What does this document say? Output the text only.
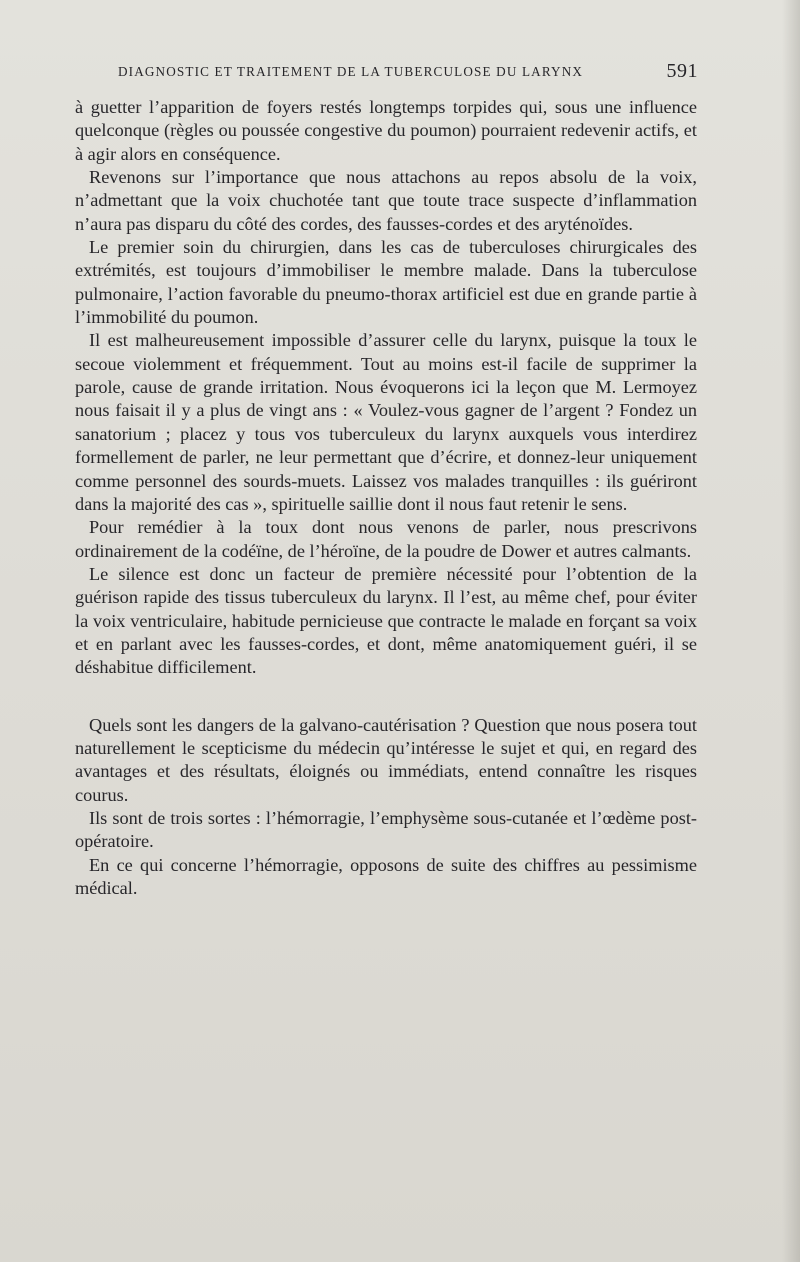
DIAGNOSTIC ET TRAITEMENT DE LA TUBERCULOSE DU LARYNX	591

à guetter l’apparition de foyers restés longtemps torpides qui, sous une influence quelconque (règles ou poussée congestive du poumon) pourraient redevenir actifs, et à agir alors en conséquence.

Revenons sur l’importance que nous attachons au repos absolu de la voix, n’admettant que la voix chuchotée tant que toute trace suspecte d’inflammation n’aura pas disparu du côté des cordes, des fausses-cordes et des aryténoïdes.

Le premier soin du chirurgien, dans les cas de tuberculoses chirurgicales des extrémités, est toujours d’immobiliser le membre malade. Dans la tuberculose pulmonaire, l’action favorable du pneumo-thorax artificiel est due en grande partie à l’immobilité du poumon.

Il est malheureusement impossible d’assurer celle du larynx, puisque la toux le secoue violemment et fréquemment. Tout au moins est-il facile de supprimer la parole, cause de grande irritation. Nous évoquerons ici la leçon que M. Lermoyez nous faisait il y a plus de vingt ans : « Voulez-vous gagner de l’argent ? Fondez un sanatorium ; placez y tous vos tuberculeux du larynx auxquels vous interdirez formellement de parler, ne leur permettant que d’écrire, et donnez-leur uniquement comme personnel des sourds-muets. Laissez vos malades tranquilles : ils guériront dans la majorité des cas », spirituelle saillie dont il nous faut retenir le sens.

Pour remédier à la toux dont nous venons de parler, nous prescrivons ordinairement de la codéïne, de l’héroïne, de la poudre de Dower et autres calmants.

Le silence est donc un facteur de première nécessité pour l’obtention de la guérison rapide des tissus tuberculeux du larynx. Il l’est, au même chef, pour éviter la voix ventriculaire, habitude pernicieuse que contracte le malade en forçant sa voix et en parlant avec les fausses-cordes, et dont, même anatomiquement guéri, il se déshabitue difficilement.

Quels sont les dangers de la galvano-cautérisation ? Question que nous posera tout naturellement le scepticisme du médecin qu’intéresse le sujet et qui, en regard des avantages et des résultats, éloignés ou immédiats, entend connaître les risques courus.

Ils sont de trois sortes : l’hémorragie, l’emphysème sous-cutanée et l’œdème post-opératoire.

En ce qui concerne l’hémorragie, opposons de suite des chiffres au pessimisme médical.
